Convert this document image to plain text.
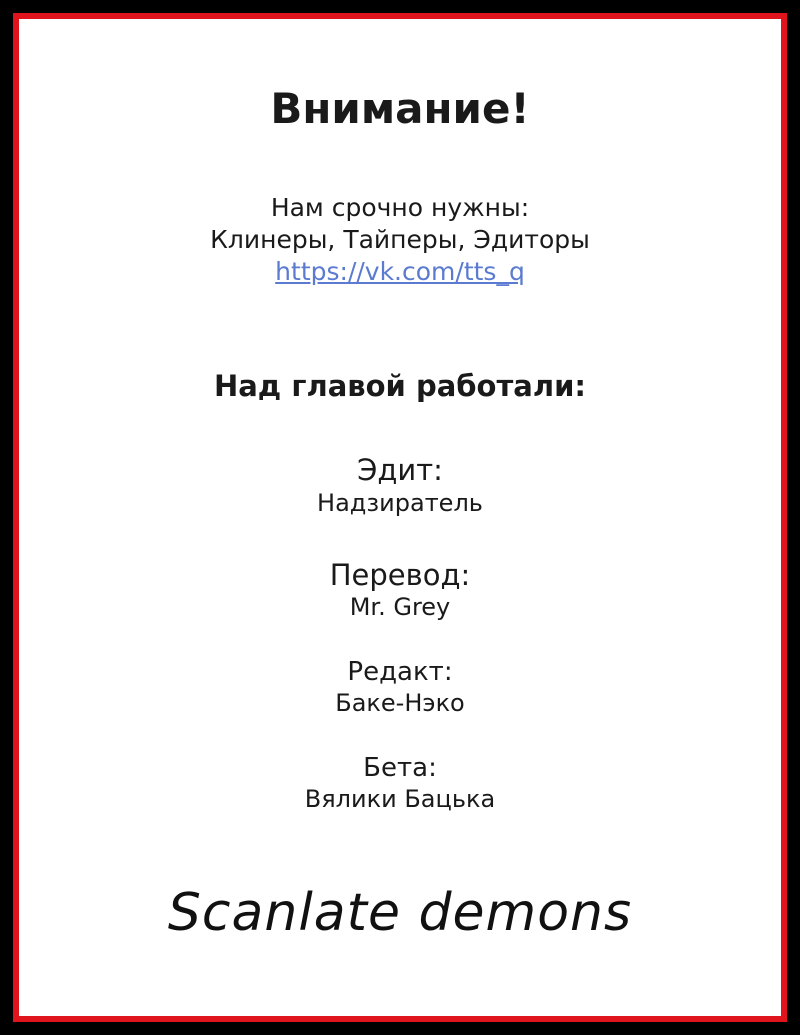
Внимание!
Нам срочно нужны:
Клинеры, Тайперы, Эдиторы
https://vk.com/tts_q
Над главой работали:
Эдит:
Надзиратель
Перевод:
Mr. Grey
Редакт:
Баке-Нэко
Бета:
Вялики Бацька
Scanlate demons
